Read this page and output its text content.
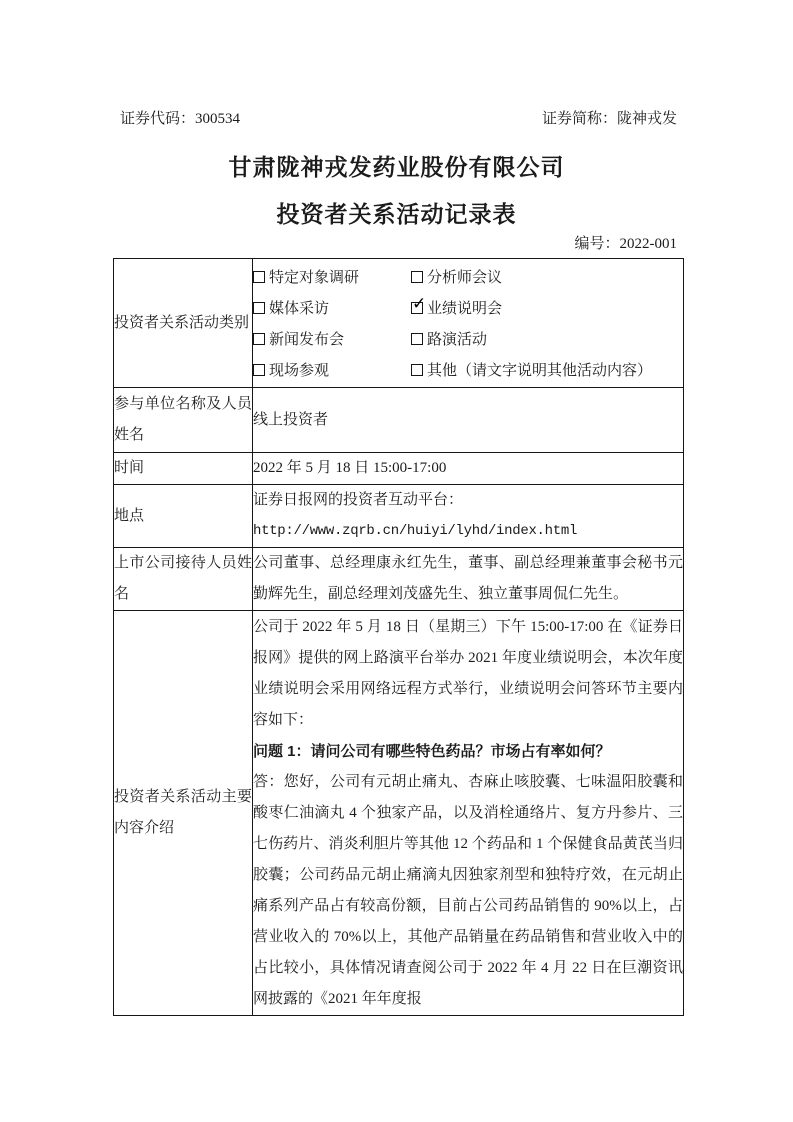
证券代码：300534	证券简称：陇神戎发
甘肃陇神戎发药业股份有限公司
投资者关系活动记录表
编号：2022-001
投资者关系活动类别	
特定对象调研	分析师会议
媒体采访 ✓	业绩说明会
新闻发布会	路演活动
现场参观	其他（请文字说明其他活动内容）

参与单位名称及人员姓名	线上投资者
时间	2022 年 5 月 18 日 15:00-17:00
地点	证券日报网的投资者互动平台：
http://www.zqrb.cn/huiyi/lyhd/index.html

上市公司接待人员姓名	公司董事、总经理康永红先生，董事、副总经理兼董事会秘书元勤辉先生，副总经理刘茂盛先生、独立董事周侃仁先生。
投资者关系活动主要内容介绍	公司于 2022 年 5 月 18 日（星期三）下午 15:00-17:00 在《证券日报网》提供的网上路演平台举办 2021 年度业绩说明会，本次年度业绩说明会采用网络远程方式举行，业绩说明会问答环节主要内容如下：

问题 1：请问公司有哪些特色药品？市场占有率如何？

答：您好，公司有元胡止痛丸、杏麻止咳胶囊、七味温阳胶囊和酸枣仁油滴丸 4 个独家产品，以及消栓通络片、复方丹参片、三七伤药片、消炎利胆片等其他 12 个药品和 1 个保健食品黄芪当归胶囊；公司药品元胡止痛滴丸因独家剂型和独特疗效，在元胡止痛系列产品占有较高份额，目前占公司药品销售的 90%以上，占营业收入的 70%以上，其他产品销量在药品销售和营业收入中的占比较小，具体情况请查阅公司于 2022 年 4 月 22 日在巨潮资讯网披露的《2021 年年度报
